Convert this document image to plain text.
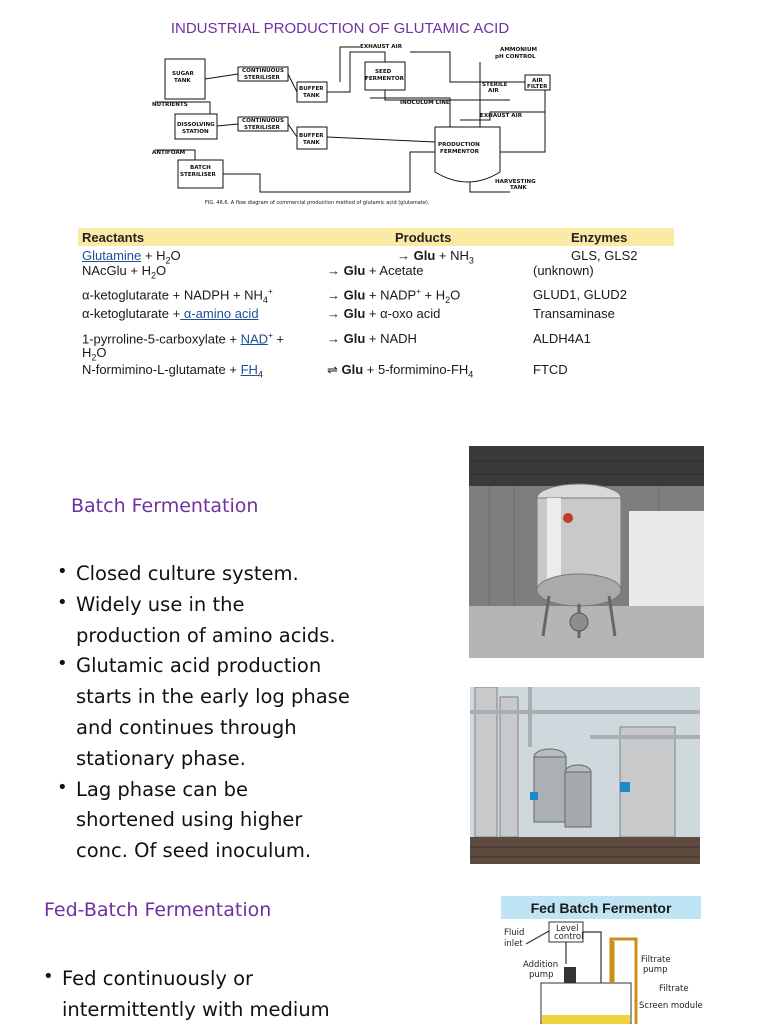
INDUSTRIAL PRODUCTION OF GLUTAMIC ACID
EXHAUST AIR	AMMONIUM
pH CONTROL
SUGAR
TANK
CONTINUOUS
STERILISER
SEED
FERMENTOR
STERILE
AIR
AIR
FILTER
BUFFER
TANK
INOCULUM LINE
NUTRIENTS
DISSOLVING
STATION
CONTINUOUS
STERILISER
EXHAUST AIR
BUFFER
TANK	PRODUCTION
FERMENTOR
ANTIFOAM
BATCH
STERILISER
HARVESTING
TANK
FIG. 46.6. A flow diagram of commercial production method of glutamic acid (glutamate).
Reactants	Products	Enzymes
Glutamine + $H_2O$	→ Glu + $NH_3$	GLS, GLS2
NAcGlu + $H_2O$	→ Glu + Acetate	(unknown)
α-ketoglutarate + NADPH + $NH_4^+$	→ Glu + NADP+ + $H_2O$	GLUD1, GLUD2
α-ketoglutarate + α-amino acid	→ Glu + α-oxo acid	Transaminase
1-pyrroline-5-carboxylate + NAD+ +
$H_2O$
→ Glu + NADH	ALDH4A1
N-formimino-L-glutamate + $FH_4$	⇌ Glu + $5-formimino-FH_4$	FTCD
Batch Fermentation
• Closed culture system.
• Widely use in the
production of amino acids.
• Glutamic acid production
starts in the early log phase
and continues through
stationary phase.
• Lag phase can be
shortened using higher
conc. Of seed inoculum.
Fed-Batch Fermentation
• Fed continuously or
intermittently with medium
Fed Batch Fermentor
Fluid
inlet
Level
control
Addition
pump
Filtrate
pump
Filtrate
Screen module
